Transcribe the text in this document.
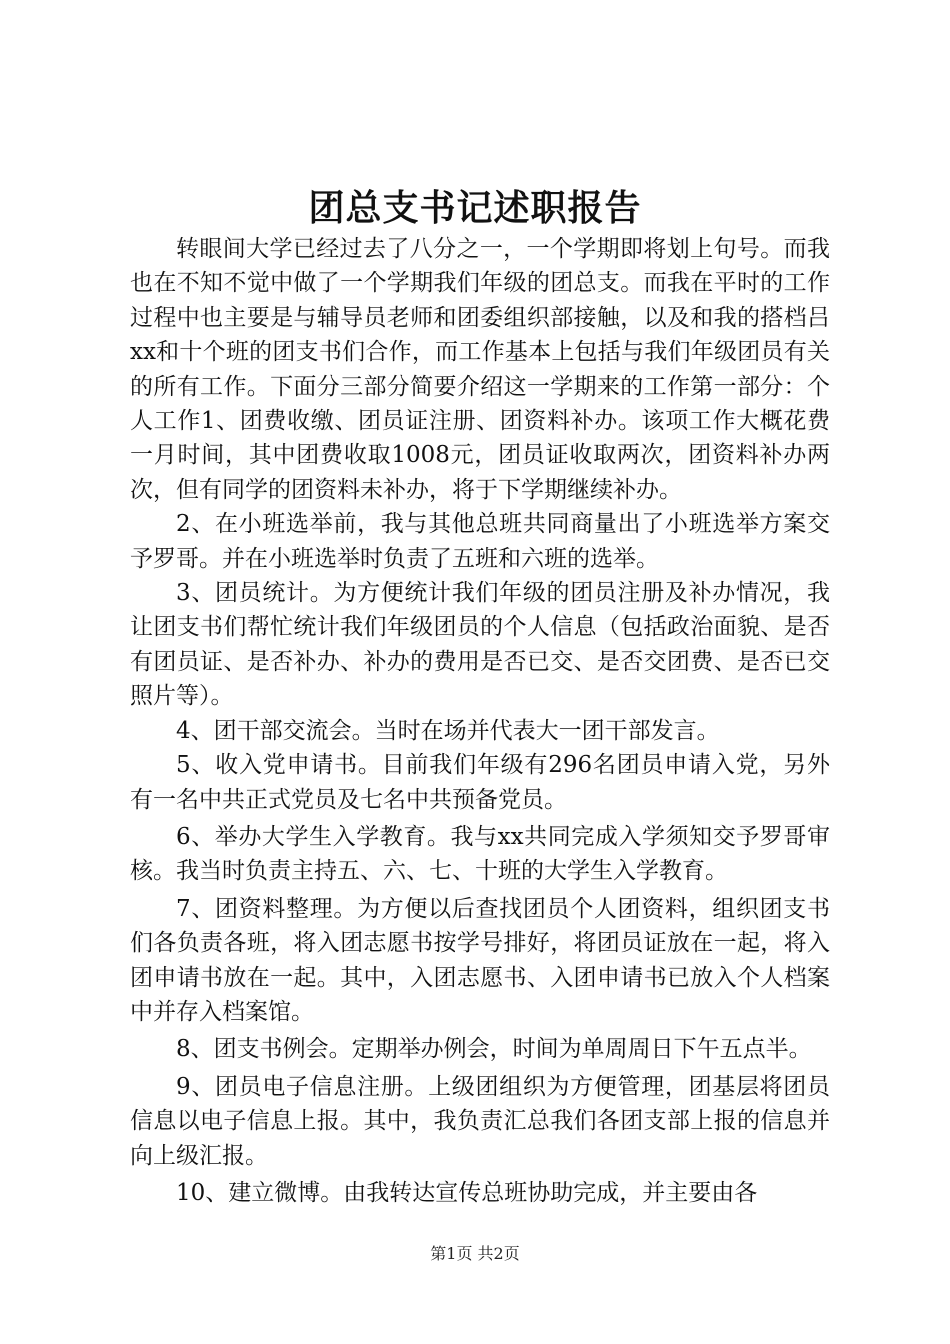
团总支书记述职报告

转眼间大学已经过去了八分之一，一个学期即将划上句号。而我也在不知不觉中做了一个学期我们年级的团总支。而我在平时的工作过程中也主要是与辅导员老师和团委组织部接触，以及和我的搭档吕xx和十个班的团支书们合作，而工作基本上包括与我们年级团员有关的所有工作。下面分三部分简要介绍这一学期来的工作第一部分：个人工作1、团费收缴、团员证注册、团资料补办。该项工作大概花费一月时间，其中团费收取1008元，团员证收取两次，团资料补办两次，但有同学的团资料未补办，将于下学期继续补办。

2、在小班选举前，我与其他总班共同商量出了小班选举方案交予罗哥。并在小班选举时负责了五班和六班的选举。

3、团员统计。为方便统计我们年级的团员注册及补办情况，我让团支书们帮忙统计我们年级团员的个人信息（包括政治面貌、是否有团员证、是否补办、补办的费用是否已交、是否交团费、是否已交照片等）。

4、团干部交流会。当时在场并代表大一团干部发言。

5、收入党申请书。目前我们年级有296名团员申请入党，另外有一名中共正式党员及七名中共预备党员。

6、举办大学生入学教育。我与xx共同完成入学须知交予罗哥审核。我当时负责主持五、六、七、十班的大学生入学教育。

7、团资料整理。为方便以后查找团员个人团资料，组织团支书们各负责各班，将入团志愿书按学号排好，将团员证放在一起，将入团申请书放在一起。其中，入团志愿书、入团申请书已放入个人档案中并存入档案馆。

8、团支书例会。定期举办例会，时间为单周周日下午五点半。

9、团员电子信息注册。上级团组织为方便管理，团基层将团员信息以电子信息上报。其中，我负责汇总我们各团支部上报的信息并向上级汇报。

10、建立微博。由我转达宣传总班协助完成，并主要由各

第1页 共2页
